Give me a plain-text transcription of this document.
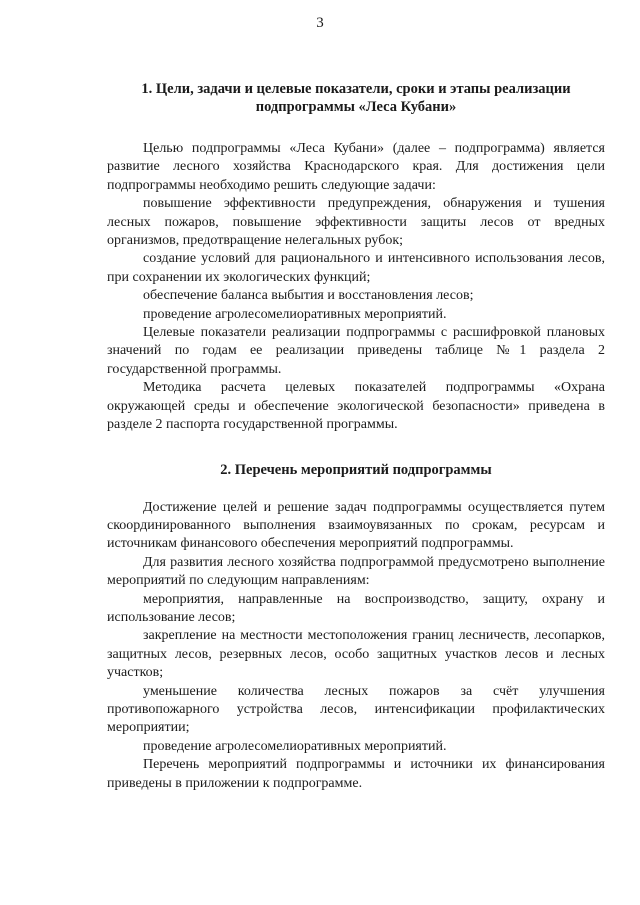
3
1. Цели, задачи и целевые показатели, сроки и этапы реализации
подпрограммы «Леса Кубани»

Целью подпрограммы «Леса Кубани» (далее – подпрограмма) является развитие лесного хозяйства Краснодарского края. Для достижения цели подпрограммы необходимо решить следующие задачи:

повышение эффективности предупреждения, обнаружения и тушения лесных пожаров, повышение эффективности защиты лесов от вредных организмов, предотвращение нелегальных рубок;

создание условий для рационального и интенсивного использования лесов, при сохранении их экологических функций;

обеспечение баланса выбытия и восстановления лесов;

проведение агролесомелиоративных мероприятий.

Целевые показатели реализации подпрограммы с расшифровкой плановых значений по годам ее реализации приведены таблице №1 раздела 2 государственной программы.

Методика расчета целевых показателей подпрограммы «Охрана окружающей среды и обеспечение экологической безопасности» приведена в разделе 2 паспорта государственной программы.

2. Перечень мероприятий подпрограммы

Достижение целей и решение задач подпрограммы осуществляется путем скоординированного выполнения взаимоувязанных по срокам, ресурсам и источникам финансового обеспечения мероприятий подпрограммы.

Для развития лесного хозяйства подпрограммой предусмотрено выполнение мероприятий по следующим направлениям:

мероприятия, направленные на воспроизводство, защиту, охрану и использование лесов;

закрепление на местности местоположения границ лесничеств, лесопарков, защитных лесов, резервных лесов, особо защитных участков лесов и лесных участков;

уменьшение количества лесных пожаров за счёт улучшения противопожарного устройства лесов, интенсификации профилактических мероприятии;

проведение агролесомелиоративных мероприятий.

Перечень мероприятий подпрограммы и источники их финансирования приведены в приложении к подпрограмме.
